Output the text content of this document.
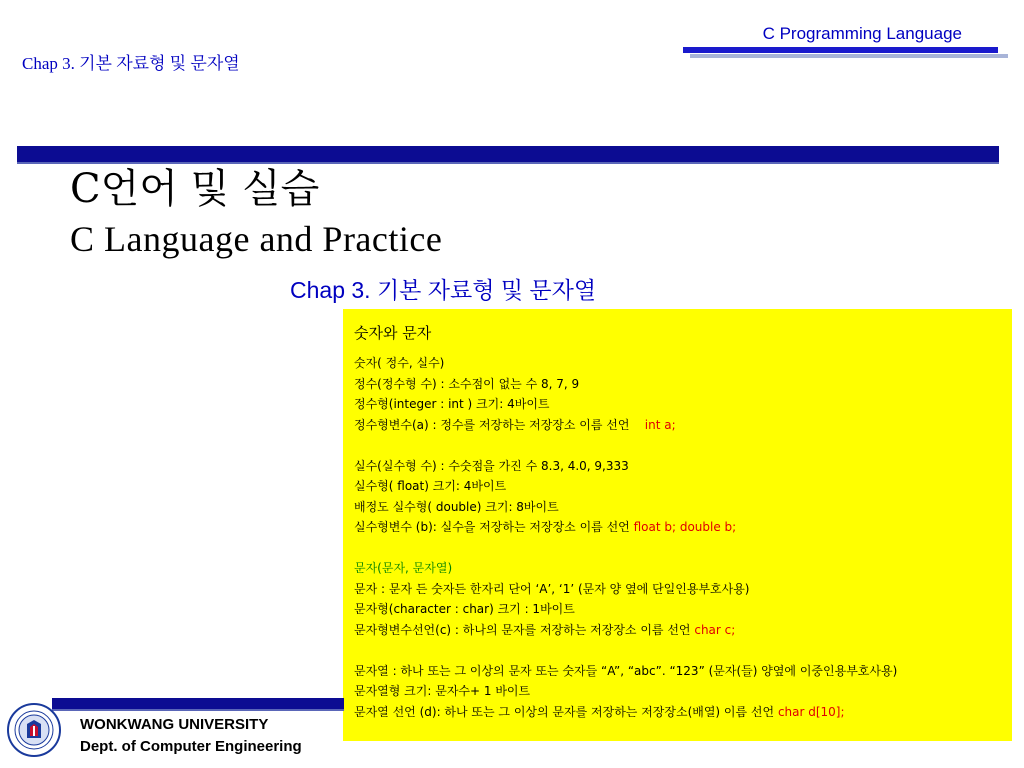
C Programming Language
Chap 3. 기본 자료형 및 문자열
C언어 및 실습
C Language and Practice
Chap 3. 기본 자료형 및 문자열
숫자와 문자
숫자( 정수, 실수)
정수(정수형 수) : 소수점이 없는 수 8, 7, 9
정수형(integer : int ) 크기: 4바이트
정수형변수(a) : 정수를 저장하는 저장장소 이름 선언 int a;
실수(실수형 수) : 수숫점을 가진 수 8.3, 4.0, 9,333
실수형( float) 크기: 4바이트
배정도 실수형( double) 크기: 8바이트
실수형변수 (b): 실수을 저장하는 저장장소 이름 선언 float b; double b;
문자(문자, 문자열)
문자 : 문자 든 숫자든 한자리 단어 ‘A’, ‘1’ (문자 양 옆에 단일인용부호사용)
문자형(character : char) 크기 : 1바이트
문자형변수선언(c) : 하나의 문자를 저장하는 저장장소 이름 선언 char c;
문자열 : 하나 또는 그 이상의 문자 또는 숫자들 “A”, “abc”. “123” (문자(들) 양옆에 이중인용부호사용)
문자열형 크기: 문자수+ 1 바이트
문자열 선언 (d): 하나 또는 그 이상의 문자를 저장하는 저장장소(배열) 이름 선언 char d[10];
WONKWANG UNIVERSITY
Dept. of Computer Engineering
